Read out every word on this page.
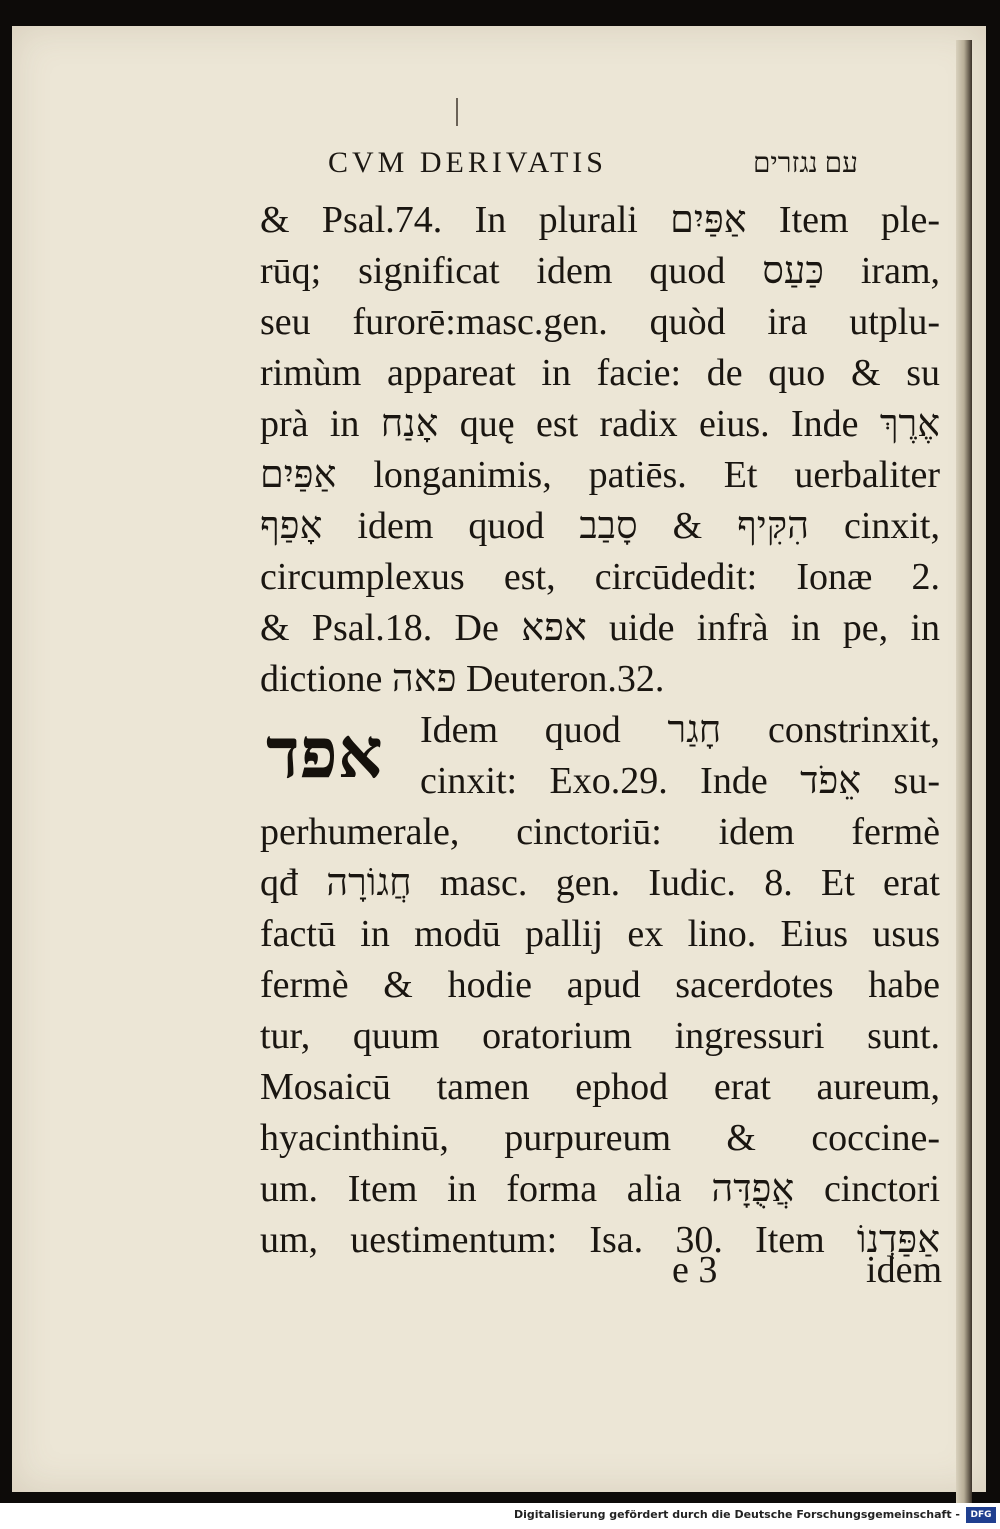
CVM DERIVATIS	עם נגזרים
& Psal.74. In plurali אַפַּיִם Item ple-
rūq; significat idem quod כַּעַס iram,
seu furorē:masc.gen. quòd ira utplu-
rimùm appareat in facie: de quo & su
prà in אָנַח quę est radix eius. Inde אֶרֶךְ
אַפַּיִם longanimis, patiēs. Et uerbaliter
אָפַף idem quod הִקִּיף & סָבַב cinxit,
circumplexus est, circūdedit: Ionæ 2.
& Psal.18. De אפא uide infrà in pe, in
dictione פאה Deuteron.32.
אפד Idem quod חָגַר constrinxit,
cinxit: Exo.29. Inde אֵפֹד su-
perhumerale, cinctoriū: idem fermè
qđ חֲגוֹרָה masc. gen. Iudic. 8. Et erat
factū in modū pallij ex lino. Eius usus
fermè & hodie apud sacerdotes habe
tur, quum oratorium ingressuri sunt.
Mosaicū tamen ephod erat aureum,
hyacinthinū, purpureum & coccine-
um. Item in forma alia אֲפֻדָּה cinctori
um, uestimentum: Isa. 30. Item אַפַּדְנוֹ
e 3	idem
Digitalisierung gefördert durch die Deutsche Forschungsgemeinschaft -	DFG
